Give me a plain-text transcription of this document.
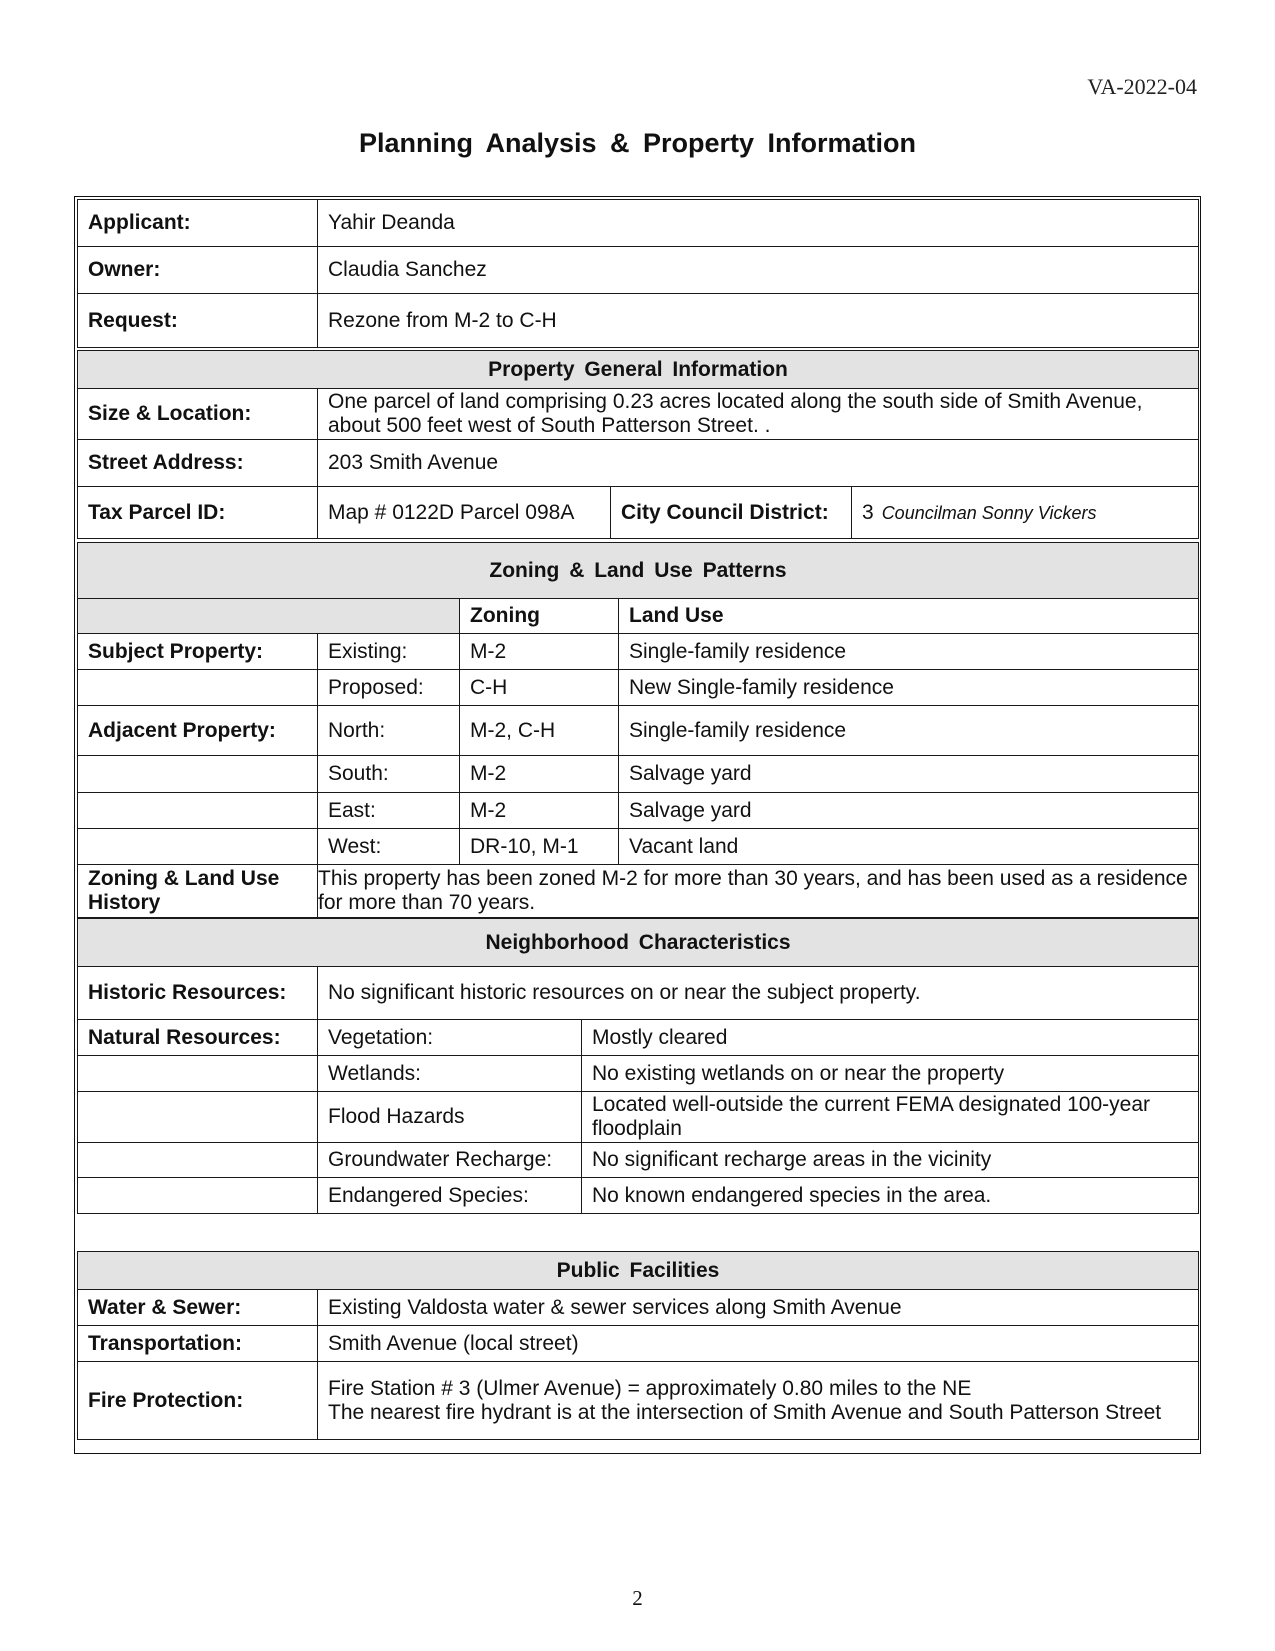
VA-2022-04
Planning Analysis & Property Information
Applicant:	Yahir Deanda
Owner:	Claudia Sanchez
Request:	Rezone from M-2 to C-H
Property General Information			
Size & Location:	One parcel of land comprising 0.23 acres located along the south side of Smith Avenue, about 500 feet west of South Patterson Street. .		
Street Address:	203 Smith Avenue		
Tax Parcel ID:	Map # 0122D Parcel 098A	City Council District:	3 Councilman Sonny Vickers
Zoning & Land Use Patterns			
		Zoning	Land Use
Subject Property:	Existing:	M-2	Single-family residence
	Proposed:	C-H	New Single-family residence
Adjacent Property:	North:	M-2, C-H	Single-family residence
	South:	M-2	Salvage yard
	East:	M-2	Salvage yard
	West:	DR-10, M-1	Vacant land
Zoning & Land Use History	This property has been zoned M-2 for more than 30 years, and has been used as a residence for more than 70 years.		
Neighborhood Characteristics		
Historic Resources:	No significant historic resources on or near the subject property.	
Natural Resources:	Vegetation:	Mostly cleared
	Wetlands:	No existing wetlands on or near the property
	Flood Hazards	Located well-outside the current FEMA designated 100-year floodplain
	Groundwater Recharge:	No significant recharge areas in the vicinity
	Endangered Species:	No known endangered species in the area.
Public Facilities	
Water & Sewer:	Existing Valdosta water & sewer services along Smith Avenue
Transportation:	Smith Avenue (local street)
Fire Protection:	Fire Station # 3 (Ulmer Avenue) = approximately 0.80 miles to the NE
The nearest fire hydrant is at the intersection of Smith Avenue and South Patterson Street
2
